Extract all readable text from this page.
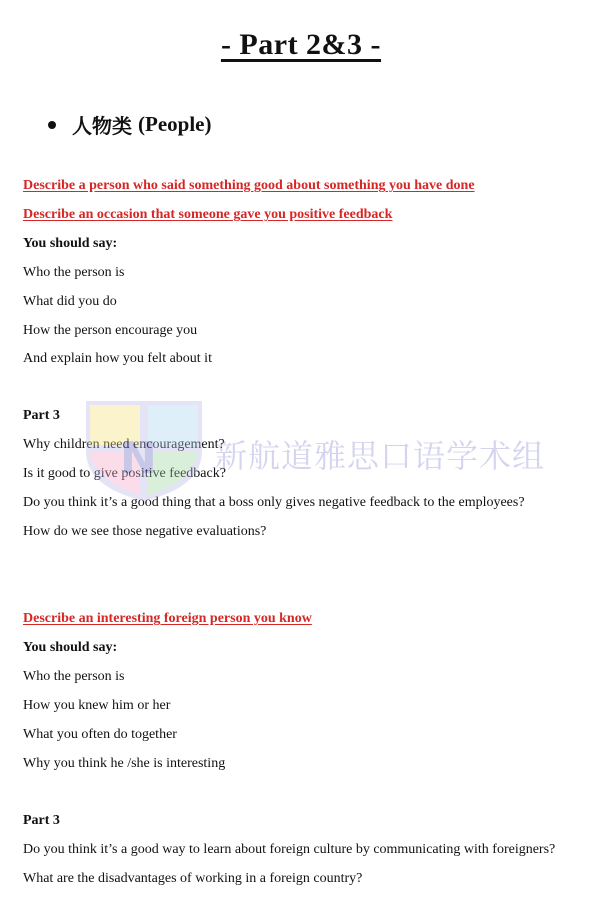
- Part 2&3 -
人物类 (People)
Describe a person who said something good about something you have done
Describe an occasion that someone gave you positive feedback
You should say:
Who the person is
What did you do
How the person encourage you
And explain how you felt about it
Part 3
Why children need encouragement?
Is it good to give positive feedback?
Do you think it’s a good thing that a boss only gives negative feedback to the employees?
How do we see those negative evaluations?
Describe an interesting foreign person you know
You should say:
Who the person is
How you knew him or her
What you often do together
Why you think he /she is interesting
Part 3
Do you think it’s a good way to learn about foreign culture by communicating with foreigners?
What are the disadvantages of working in a foreign country?
N 新航道雅思口语学术组
